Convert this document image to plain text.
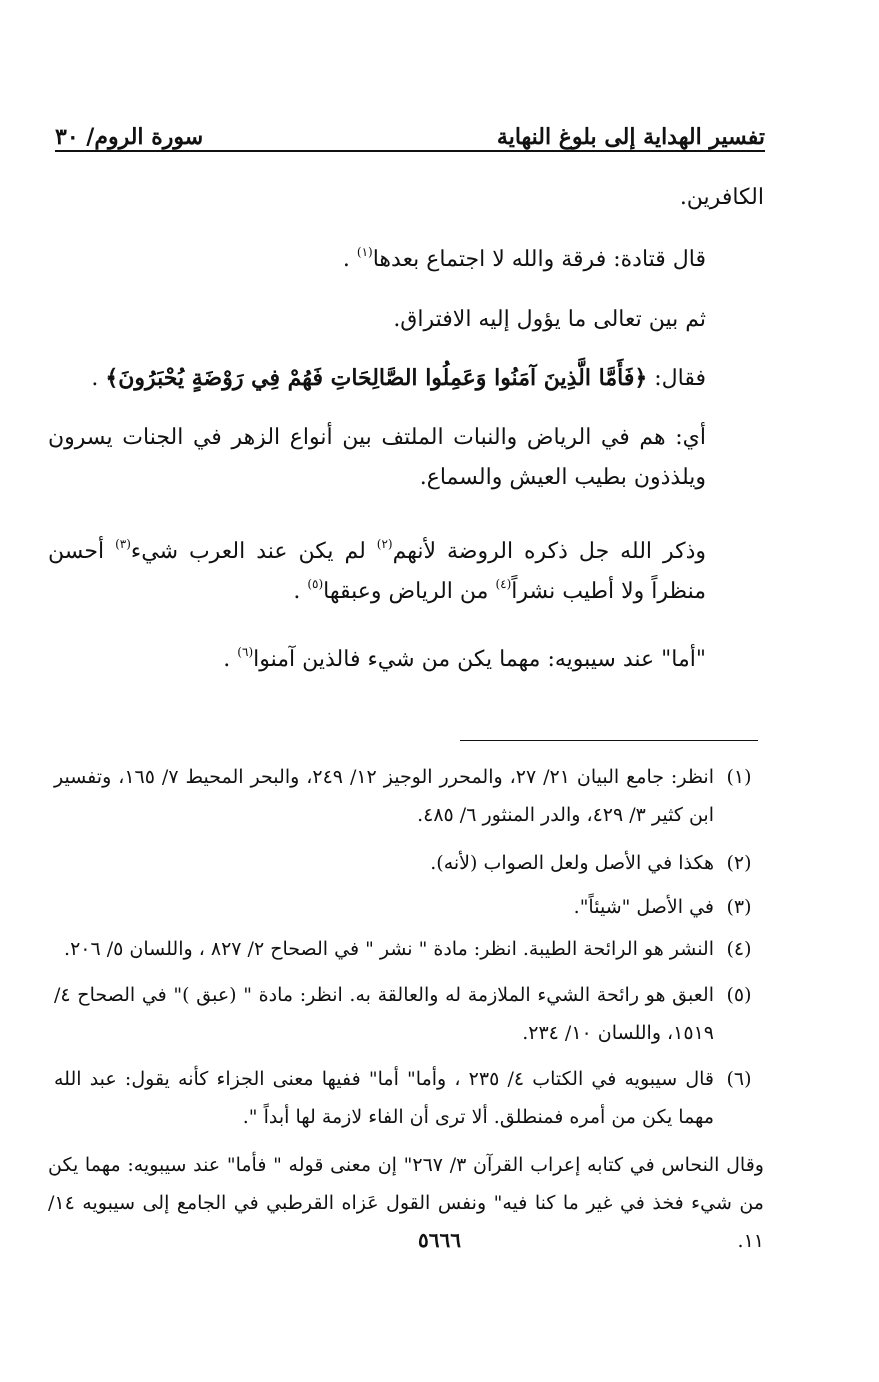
تفسير الهداية إلى بلوغ النهاية
سورة الروم/ ٣٠
الكافرين.
قال قتادة: فرقة والله لا اجتماع بعدها$^{(١)}$ .
ثم بين تعالى ما يؤول إليه الافتراق.
فقال: ﴿فَأَمَّا الَّذِينَ آمَنُوا وَعَمِلُوا الصَّالِحَاتِ فَهُمْ فِي رَوْضَةٍ يُحْبَرُونَ﴾ .
أي: هم في الرياض والنبات الملتف بين أنواع الزهر في الجنات يسرون ويلذذون بطيب العيش والسماع.
وذكر الله جل ذكره الروضة لأنهم$^{(٢)}$ لم يكن عند العرب شيء$^{(٣)}$ أحسن منظراً ولا أطيب نشراً$^{(٤)}$ من الرياض وعبقها$^{(٥)}$ .
"أما" عند سيبويه: مهما يكن من شيء فالذين آمنوا$^{(٦)}$ .
(١)
انظر: جامع البيان ٢١/ ٢٧، والمحرر الوجيز ١٢/ ٢٤٩، والبحر المحيط ٧/ ١٦٥، وتفسير ابن كثير ٣/ ٤٢٩، والدر المنثور ٦/ ٤٨٥.
(٢)
هكذا في الأصل ولعل الصواب (لأنه).
(٣)
في الأصل "شيئاً".
(٤)
النشر هو الرائحة الطيبة. انظر: مادة " نشر " في الصحاح ٢/ ٨٢٧ ، واللسان ٥/ ٢٠٦.
(٥)
العبق هو رائحة الشيء الملازمة له والعالقة به. انظر: مادة " (عبق )" في الصحاح ٤/ ١٥١٩، واللسان ١٠/ ٢٣٤.
(٦)
قال سيبويه في الكتاب ٤/ ٢٣٥ ، وأما" أما" ففيها معنى الجزاء كأنه يقول: عبد الله مهما يكن من أمره فمنطلق. ألا ترى أن الفاء لازمة لها أبداً ".
وقال النحاس في كتابه إعراب القرآن ٣/ ٢٦٧" إن معنى قوله " فأما" عند سيبويه: مهما يكن من شيء فخذ في غير ما كنا فيه" ونفس القول عَزاه القرطبي في الجامع إلى سيبويه ١٤/ ١١.
٥٦٦٦
